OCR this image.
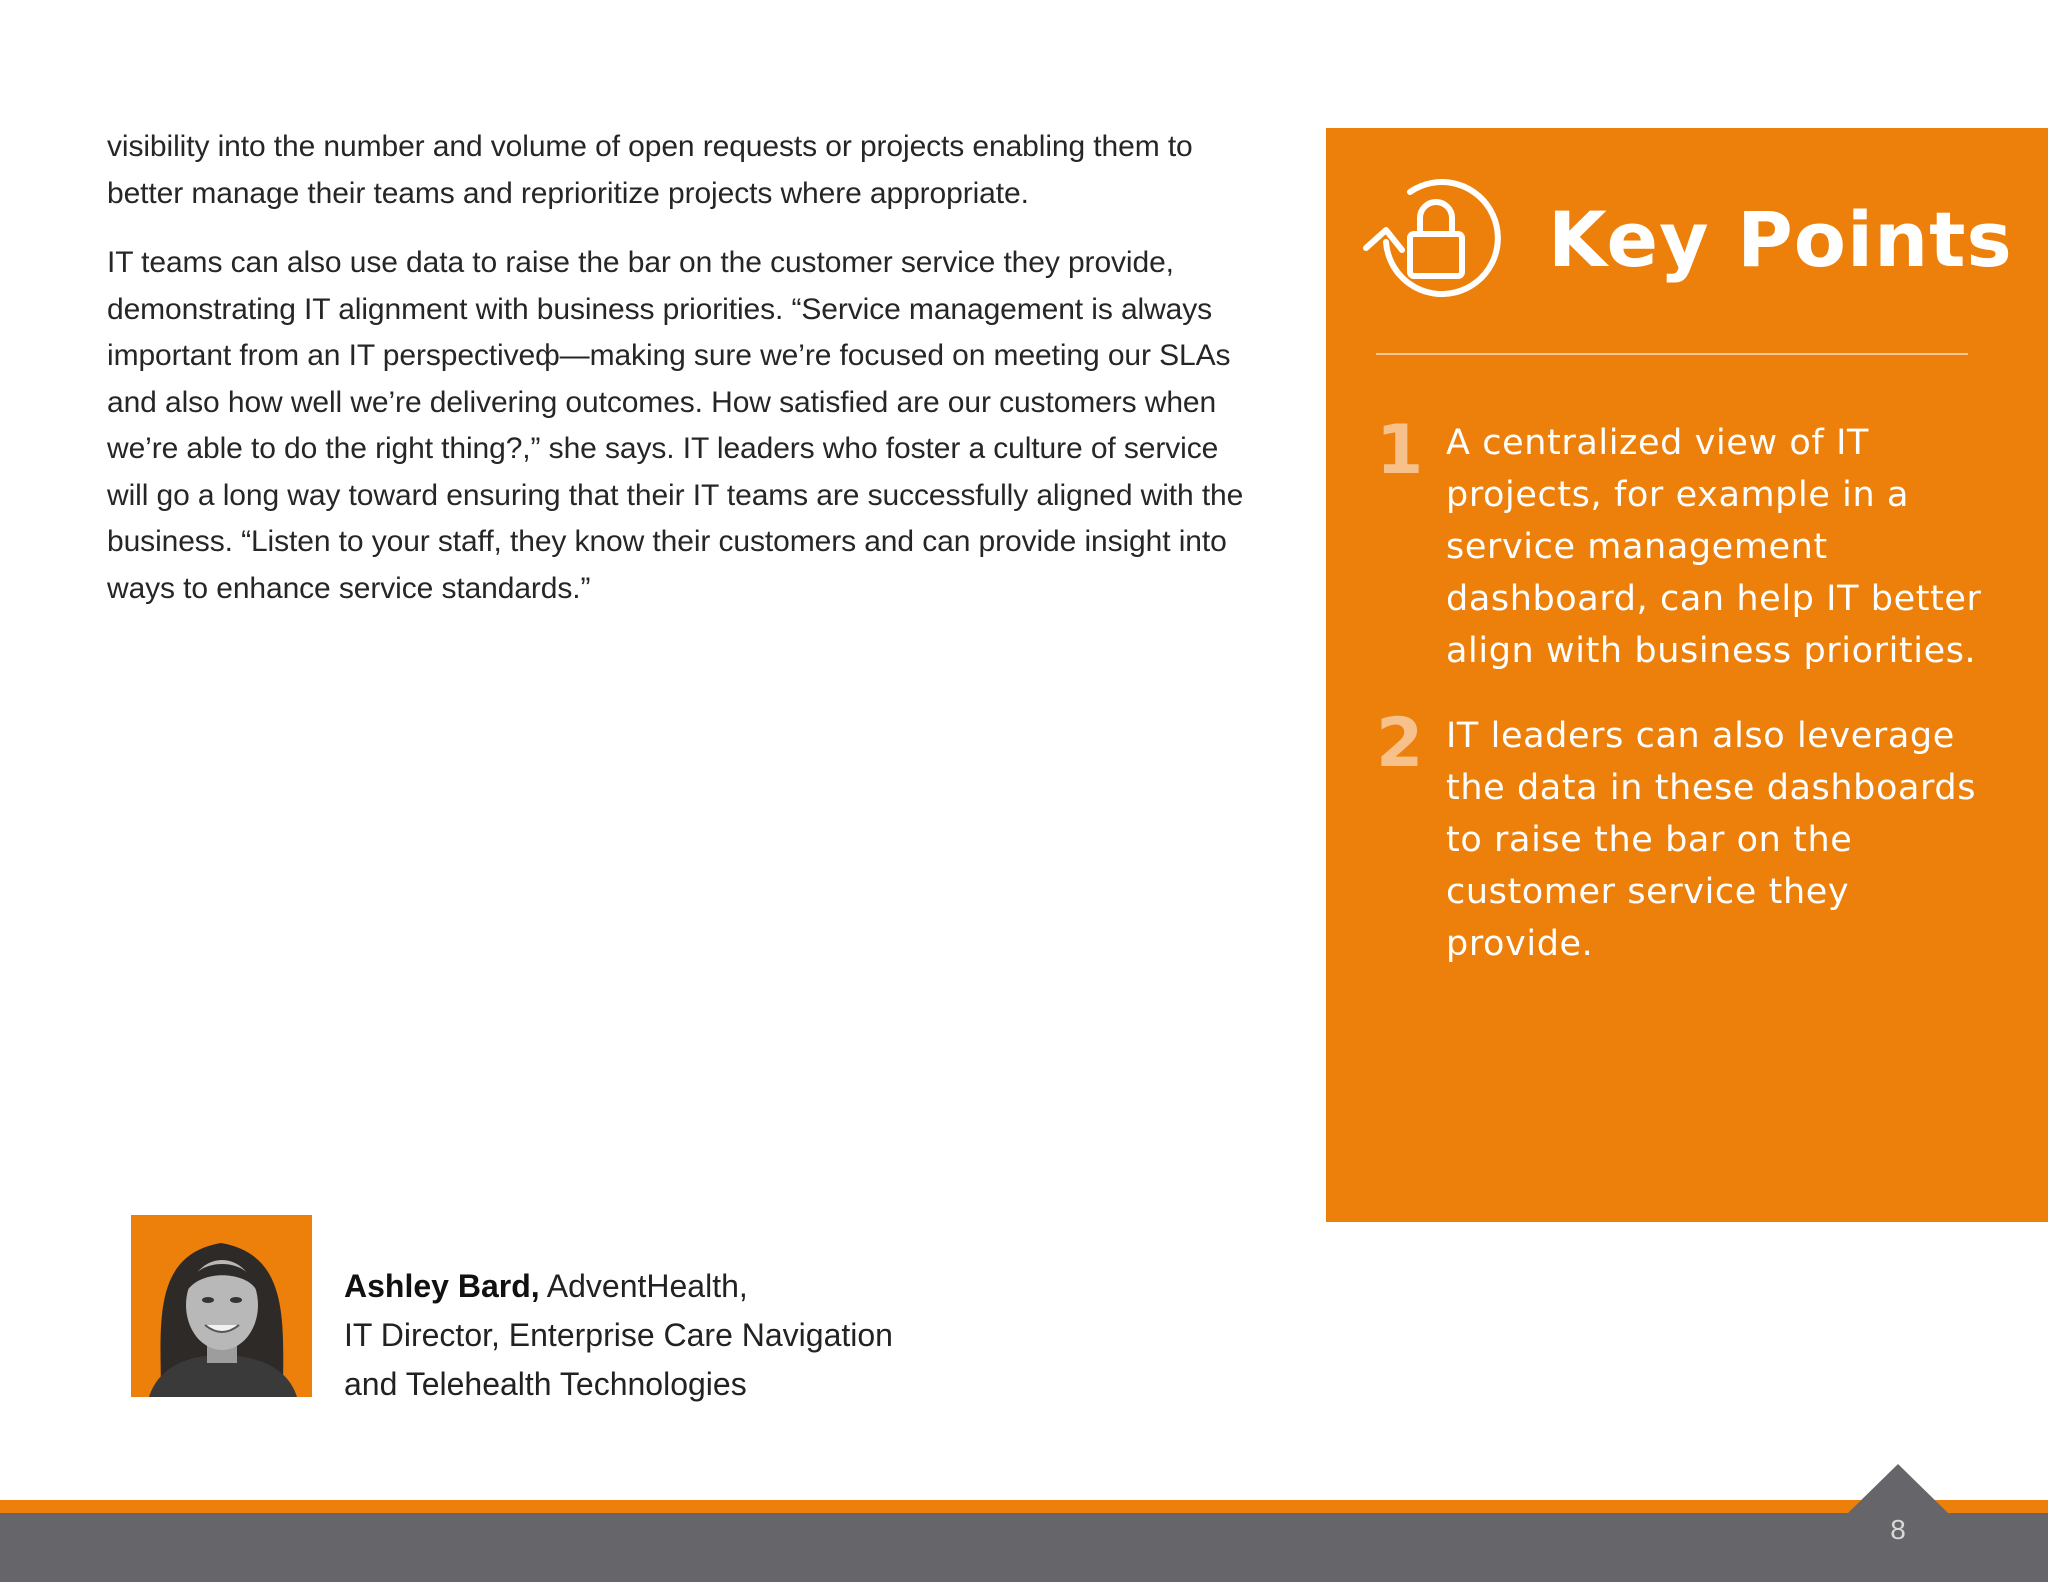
visibility into the number and volume of open requests or projects enabling them to better manage their teams and reprioritize projects where appropriate.

IT teams can also use data to raise the bar on the customer service they provide, demonstrating IT alignment with business priorities. “Service management is always important from an IT perspectiveф—making sure we’re focused on meeting our SLAs and also how well we’re delivering outcomes. How satisfied are our customers when we’re able to do the right thing?,” she says. IT leaders who foster a culture of service will go a long way toward ensuring that their IT teams are successfully aligned with the business. “Listen to your staff, they know their customers and can provide insight into ways to enhance service standards.”

Key Points
1 A centralized view of IT projects, for example in a service management dashboard, can help IT better align with business priorities.
2 IT leaders can also leverage the data in these dashboards to raise the bar on the customer service they provide.
Ashley Bard, AdventHealth,
IT Director, Enterprise Care Navigation
and Telehealth Technologies
8
